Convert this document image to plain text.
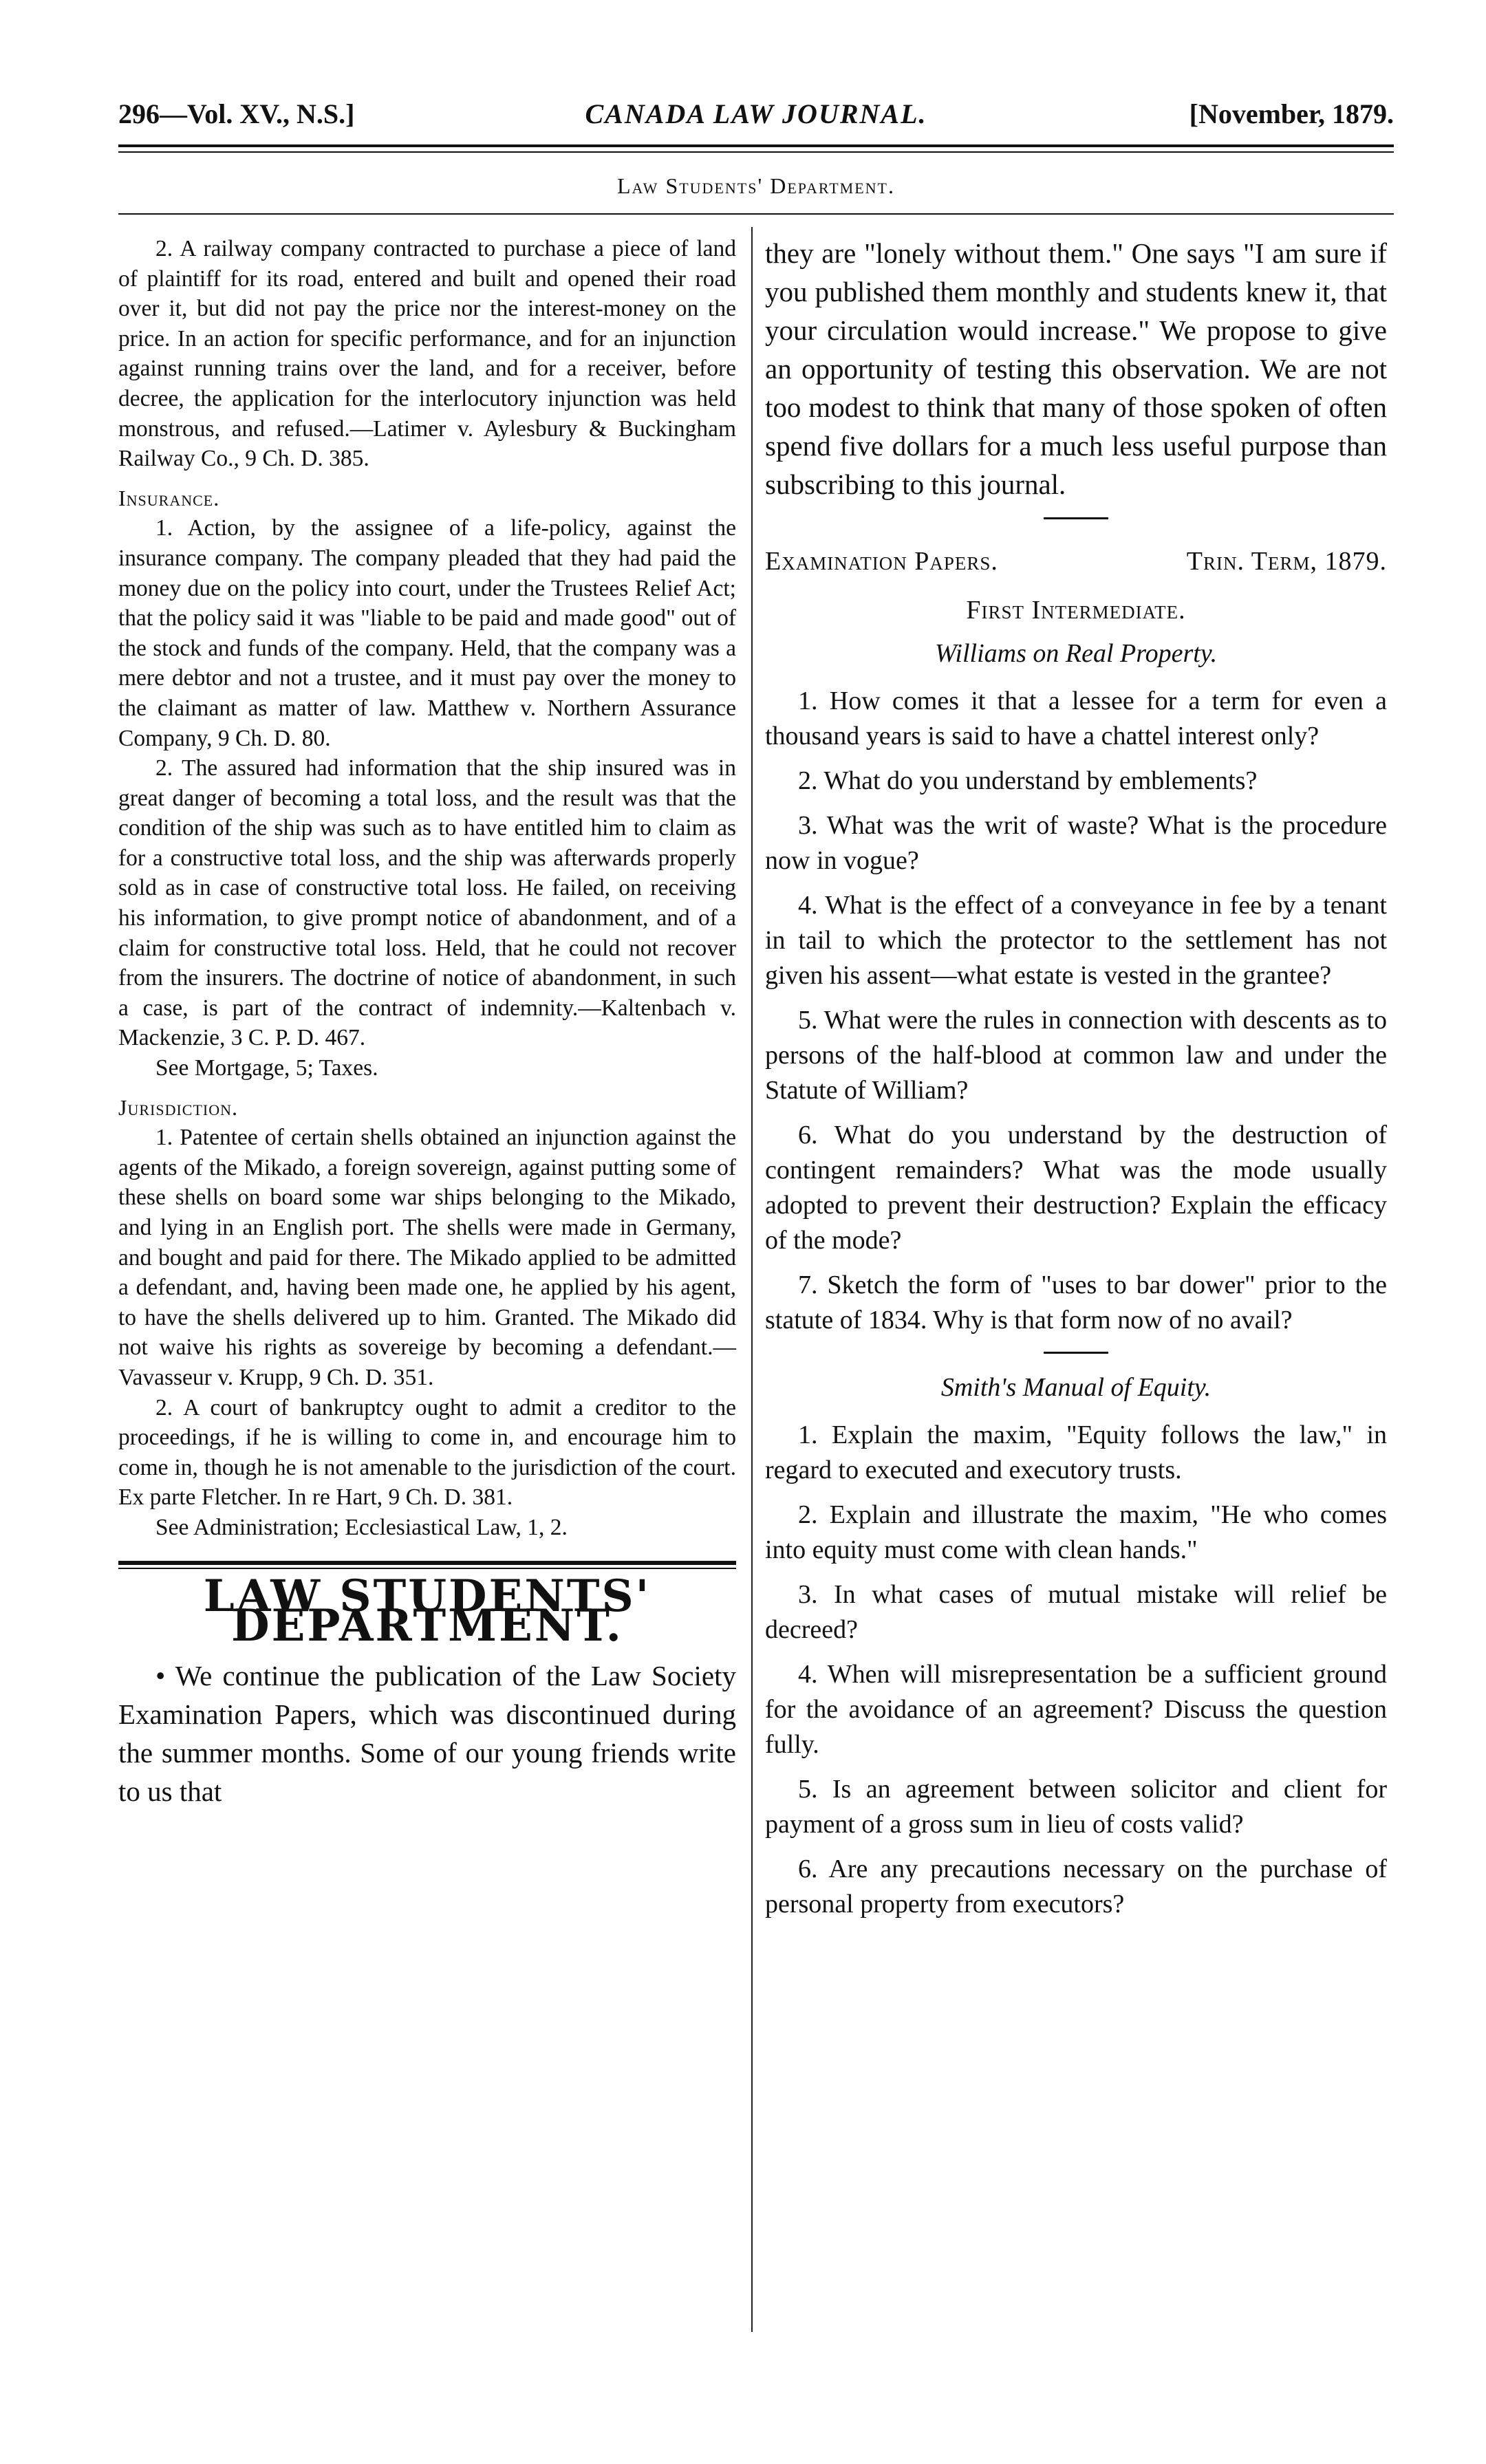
296—Vol. XV., N.S.]	CANADA LAW JOURNAL.	[November, 1879.
Law Students' Department.

2. A railway company contracted to purchase a piece of land of plaintiff for its road, entered and built and opened their road over it, but did not pay the price nor the interest-money on the price. In an action for specific performance, and for an injunction against running trains over the land, and for a receiver, before decree, the application for the interlocutory injunction was held monstrous, and refused.—Latimer v. Aylesbury & Buckingham Railway Co., 9 Ch. D. 385.

Insurance.

1. Action, by the assignee of a life-policy, against the insurance company. The company pleaded that they had paid the money due on the policy into court, under the Trustees Relief Act; that the policy said it was "liable to be paid and made good" out of the stock and funds of the company. Held, that the company was a mere debtor and not a trustee, and it must pay over the money to the claimant as matter of law. Matthew v. Northern Assurance Company, 9 Ch. D. 80.

2. The assured had information that the ship insured was in great danger of becoming a total loss, and the result was that the condition of the ship was such as to have entitled him to claim as for a constructive total loss, and the ship was afterwards properly sold as in case of constructive total loss. He failed, on receiving his information, to give prompt notice of abandonment, and of a claim for constructive total loss. Held, that he could not recover from the insurers. The doctrine of notice of abandonment, in such a case, is part of the contract of indemnity.—Kaltenbach v. Mackenzie, 3 C. P. D. 467.

See Mortgage, 5; Taxes.

Jurisdiction.

1. Patentee of certain shells obtained an injunction against the agents of the Mikado, a foreign sovereign, against putting some of these shells on board some war ships belonging to the Mikado, and lying in an English port. The shells were made in Germany, and bought and paid for there. The Mikado applied to be admitted a defendant, and, having been made one, he applied by his agent, to have the shells delivered up to him. Granted. The Mikado did not waive his rights as sovereige by becoming a defendant.—Vavasseur v. Krupp, 9 Ch. D. 351.

2. A court of bankruptcy ought to admit a creditor to the proceedings, if he is willing to come in, and encourage him to come in, though he is not amenable to the jurisdiction of the court. Ex parte Fletcher. In re Hart, 9 Ch. D. 381.

See Administration; Ecclesiastical Law, 1, 2.

LAW STUDENTS' DEPARTMENT.

• We continue the publication of the Law Society Examination Papers, which was discontinued during the summer months. Some of our young friends write to us that

they are "lonely without them." One says "I am sure if you published them monthly and students knew it, that your circulation would increase." We propose to give an opportunity of testing this observation. We are not too modest to think that many of those spoken of often spend five dollars for a much less useful purpose than subscribing to this journal.

Examination Papers.	Trin. Term, 1879.

First Intermediate.

Williams on Real Property.

1. How comes it that a lessee for a term for even a thousand years is said to have a chattel interest only?

2. What do you understand by emblements?

3. What was the writ of waste? What is the procedure now in vogue?

4. What is the effect of a conveyance in fee by a tenant in tail to which the protector to the settlement has not given his assent—what estate is vested in the grantee?

5. What were the rules in connection with descents as to persons of the half-blood at common law and under the Statute of William?

6. What do you understand by the destruction of contingent remainders? What was the mode usually adopted to prevent their destruction? Explain the efficacy of the mode?

7. Sketch the form of "uses to bar dower" prior to the statute of 1834. Why is that form now of no avail?

Smith's Manual of Equity.

1. Explain the maxim, "Equity follows the law," in regard to executed and executory trusts.

2. Explain and illustrate the maxim, "He who comes into equity must come with clean hands."

3. In what cases of mutual mistake will relief be decreed?

4. When will misrepresentation be a sufficient ground for the avoidance of an agreement? Discuss the question fully.

5. Is an agreement between solicitor and client for payment of a gross sum in lieu of costs valid?

6. Are any precautions necessary on the purchase of personal property from executors?
